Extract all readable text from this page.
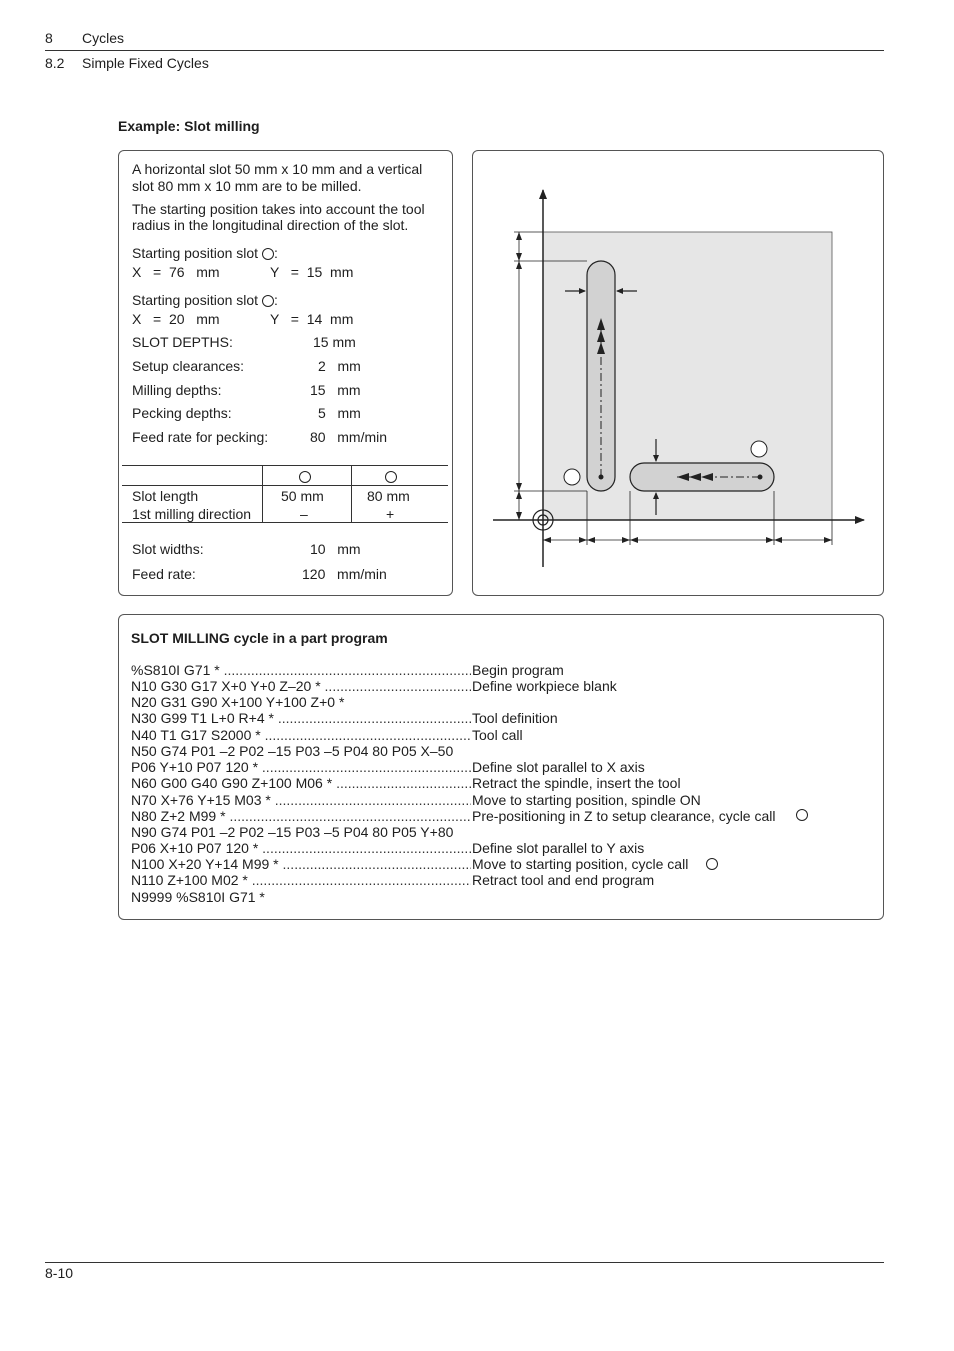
8 Cycles
8.2 Simple Fixed Cycles
Example: Slot milling
A horizontal slot 50 mm x 10 mm and a vertical
slot 80 mm x 10 mm are to be milled.
The starting position takes into account the tool
radius in the longitudinal direction of the slot.
Starting position slot :
X   =  76   mm	Y   =  15  mm
Starting position slot :
X   =  20   mm	Y   =  14  mm
SLOT DEPTHS:	15 mm
Setup clearances:	2   mm
Milling depths:	15   mm
Pecking depths:	5   mm
Feed rate for pecking:	80   mm/min
Slot length	50 mm	80 mm
1st milling direction	–	+
Slot widths:	10   mm
Feed rate:	120   mm/min
SLOT MILLING cycle in a part program
%S810I G71 * .....	Begin program
N10 G30 G17 X+0 Y+0 Z–20 * .....	Define workpiece blank
N20 G31 G90 X+100 Y+100 Z+0 *
N30 G99 T1 L+0 R+4 * .....	Tool definition
N40 T1 G17 S2000 * .....	Tool call
N50 G74 P01 –2 P02 –15 P03 –5 P04 80 P05 X–50
P06 Y+10 P07 120 * .....	Define slot parallel to X axis
N60 G00 G40 G90 Z+100 M06 * .....	Retract the spindle, insert the tool
N70 X+76 Y+15 M03 * .....	Move to starting position, spindle ON
N80 Z+2 M99 * .....	Pre-positioning in Z to setup clearance, cycle call
N90 G74 P01 –2 P02 –15 P03 –5 P04 80 P05 Y+80
P06 X+10 P07 120 * .....	Define slot parallel to Y axis
N100 X+20 Y+14 M99 * .....	Move to starting position, cycle call
N110 Z+100 M02 * .....	Retract tool and end program
N9999 %S810I G71 *
8-10
